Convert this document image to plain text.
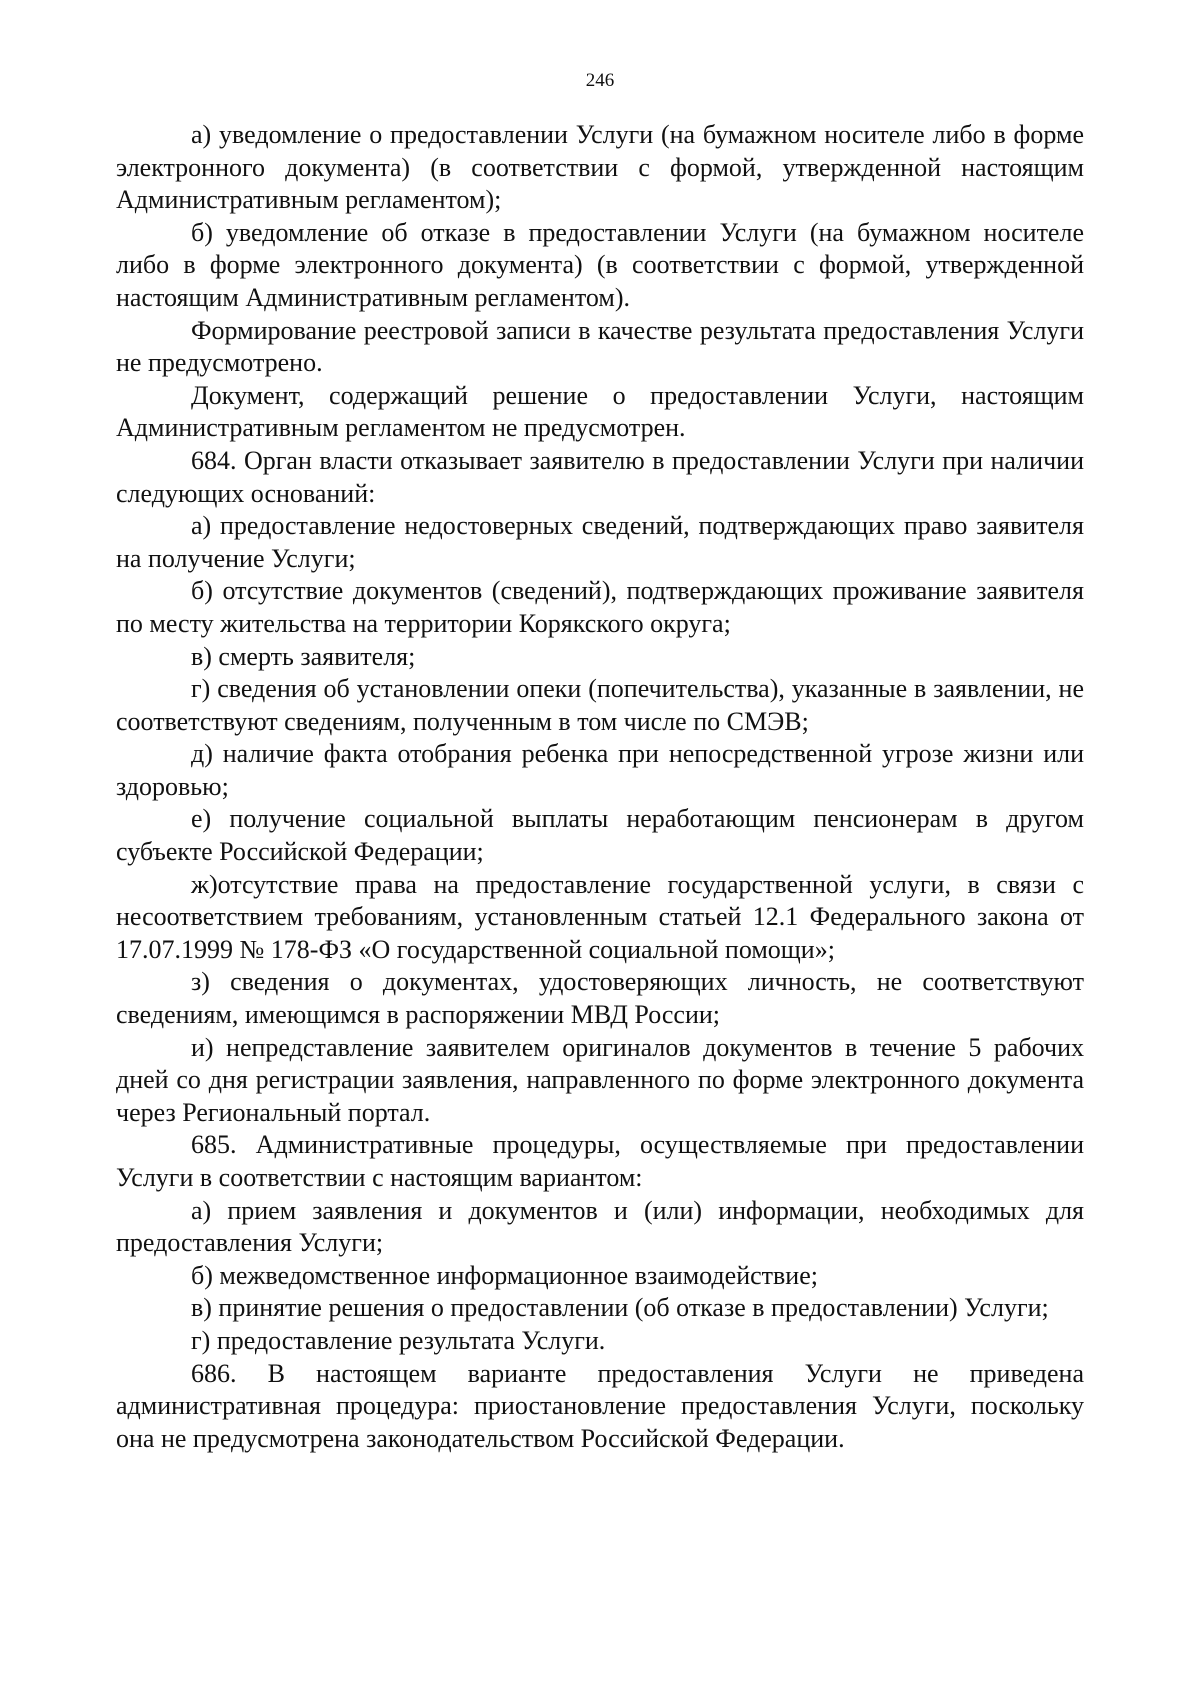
246

а) уведомление о предоставлении Услуги (на бумажном носителе либо в форме электронного документа) (в соответствии с формой, утвержденной настоящим Административным регламентом);

б) уведомление об отказе в предоставлении Услуги (на бумажном носителе либо в форме электронного документа) (в соответствии с формой, утвержденной настоящим Административным регламентом).

Формирование реестровой записи в качестве результата предоставления Услуги не предусмотрено.

Документ, содержащий решение о предоставлении Услуги, настоящим Административным регламентом не предусмотрен.

684. Орган власти отказывает заявителю в предоставлении Услуги при наличии следующих оснований:

а) предоставление недостоверных сведений, подтверждающих право заявителя на получение Услуги;

б) отсутствие документов (сведений), подтверждающих проживание заявителя по месту жительства на территории Корякского округа;

в) смерть заявителя;

г) сведения об установлении опеки (попечительства), указанные в заявлении, не соответствуют сведениям, полученным в том числе по СМЭВ;

д) наличие факта отобрания ребенка при непосредственной угрозе жизни или здоровью;

е) получение социальной выплаты неработающим пенсионерам в другом субъекте Российской Федерации;

ж)отсутствие права на предоставление государственной услуги, в связи с несоответствием требованиям, установленным статьей 12.1 Федерального закона от 17.07.1999 № 178-ФЗ «О государственной социальной помощи»;

з) сведения о документах, удостоверяющих личность, не соответствуют сведениям, имеющимся в распоряжении МВД России;

и) непредставление заявителем оригиналов документов в течение 5 рабочих дней со дня регистрации заявления, направленного по форме электронного документа через Региональный портал.

685. Административные процедуры, осуществляемые при предоставлении Услуги в соответствии с настоящим вариантом:

а) прием заявления и документов и (или) информации, необходимых для предоставления Услуги;

б) межведомственное информационное взаимодействие;

в) принятие решения о предоставлении (об отказе в предоставлении) Услуги;

г) предоставление результата Услуги.

686. В настоящем варианте предоставления Услуги не приведена административная процедура: приостановление предоставления Услуги, поскольку она не предусмотрена законодательством Российской Федерации.
